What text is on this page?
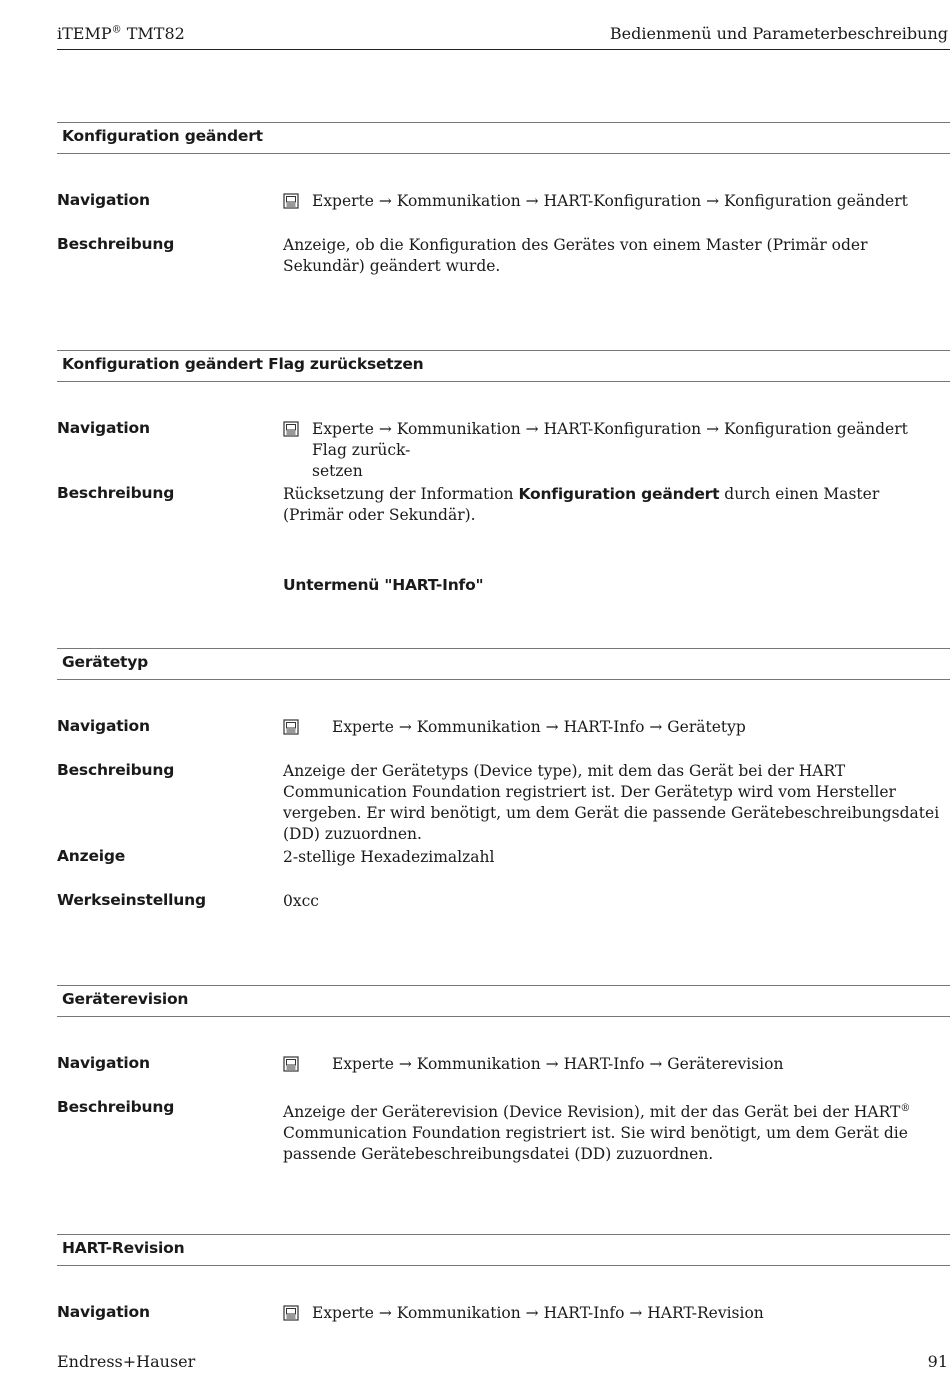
iTEMP® TMT82	Bedienmenü und Parameterbeschreibung
Konfiguration geändert
Navigation	Experte → Kommunikation → HART-Konfiguration → Konfiguration geändert
Beschreibung	Anzeige, ob die Konfiguration des Gerätes von einem Master (Primär oder Sekundär) geändert wurde.
Konfiguration geändert Flag zurücksetzen
Navigation	Experte → Kommunikation → HART-Konfiguration → Konfiguration geändert Flag zurück-
setzen
Beschreibung	Rücksetzung der Information Konfiguration geändert durch einen Master (Primär oder Sekundär).
Untermenü "HART-Info"
Gerätetyp
Navigation	Experte → Kommunikation → HART-Info → Gerätetyp
Beschreibung	Anzeige der Gerätetyps (Device type), mit dem das Gerät bei der HART Communication Foundation registriert ist. Der Gerätetyp wird vom Hersteller vergeben. Er wird benötigt, um dem Gerät die passende Gerätebeschreibungsdatei (DD) zuzuordnen.
Anzeige	2-stellige Hexadezimalzahl
Werkseinstellung	0xcc
Geräterevision
Navigation	Experte → Kommunikation → HART-Info → Geräterevision
Beschreibung	Anzeige der Geräterevision (Device Revision), mit der das Gerät bei der HART® Communication Foundation registriert ist. Sie wird benötigt, um dem Gerät die passende Gerätebeschreibungsdatei (DD) zuzuordnen.
HART-Revision
Navigation	Experte → Kommunikation → HART-Info → HART-Revision
Endress+Hauser	91
